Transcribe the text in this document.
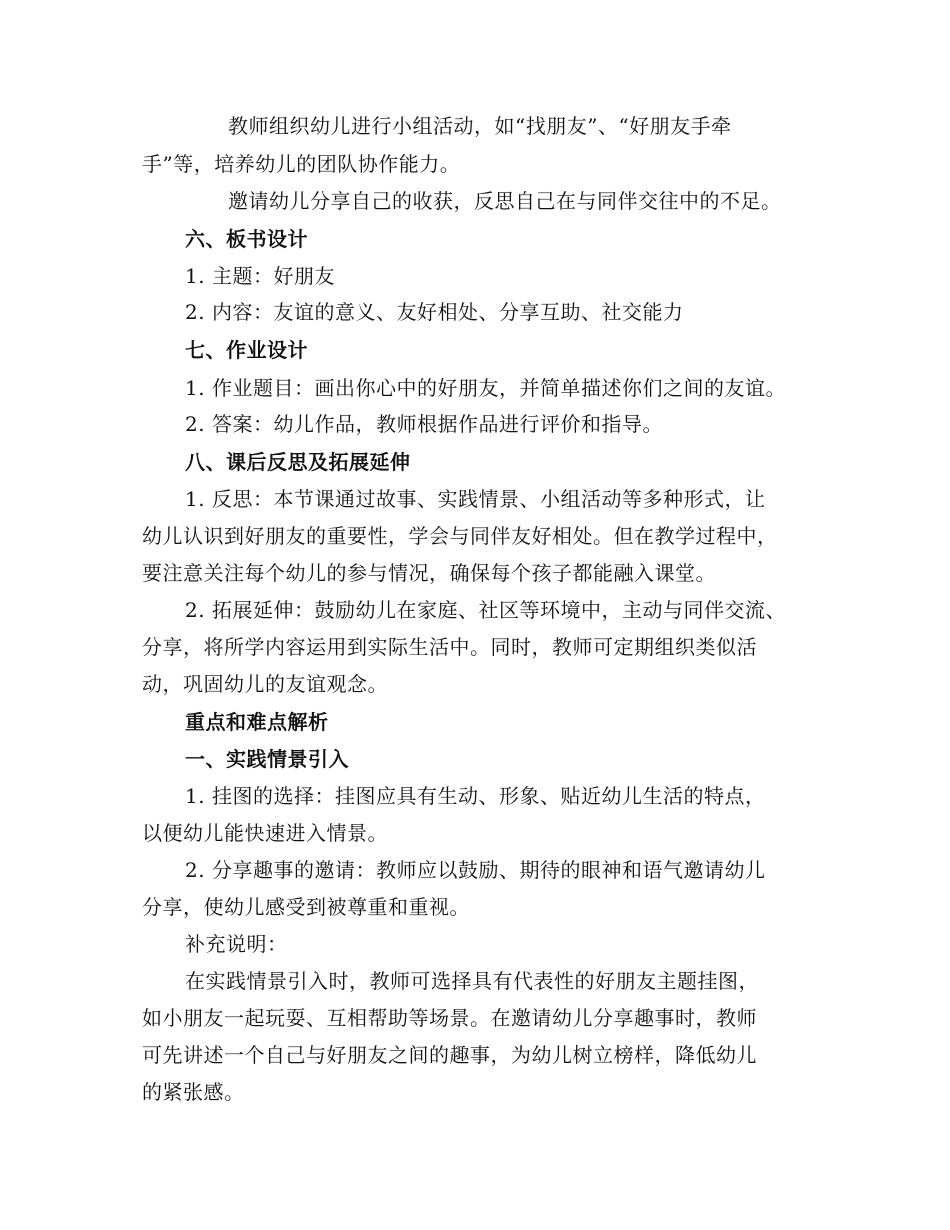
教师组织幼儿进行小组活动，如“找朋友”、“好朋友手牵
手”等，培养幼儿的团队协作能力。
邀请幼儿分享自己的收获，反思自己在与同伴交往中的不足。
六、板书设计
1. 主题：好朋友
2. 内容：友谊的意义、友好相处、分享互助、社交能力
七、作业设计
1. 作业题目：画出你心中的好朋友，并简单描述你们之间的友谊。
2. 答案：幼儿作品，教师根据作品进行评价和指导。
八、课后反思及拓展延伸
1. 反思：本节课通过故事、实践情景、小组活动等多种形式，让
幼儿认识到好朋友的重要性，学会与同伴友好相处。但在教学过程中，
要注意关注每个幼儿的参与情况，确保每个孩子都能融入课堂。
2. 拓展延伸：鼓励幼儿在家庭、社区等环境中，主动与同伴交流、
分享，将所学内容运用到实际生活中。同时，教师可定期组织类似活
动，巩固幼儿的友谊观念。
重点和难点解析
一、实践情景引入
1. 挂图的选择：挂图应具有生动、形象、贴近幼儿生活的特点，
以便幼儿能快速进入情景。
2. 分享趣事的邀请：教师应以鼓励、期待的眼神和语气邀请幼儿
分享，使幼儿感受到被尊重和重视。
补充说明：
在实践情景引入时，教师可选择具有代表性的好朋友主题挂图，
如小朋友一起玩耍、互相帮助等场景。在邀请幼儿分享趣事时，教师
可先讲述一个自己与好朋友之间的趣事，为幼儿树立榜样，降低幼儿
的紧张感。
